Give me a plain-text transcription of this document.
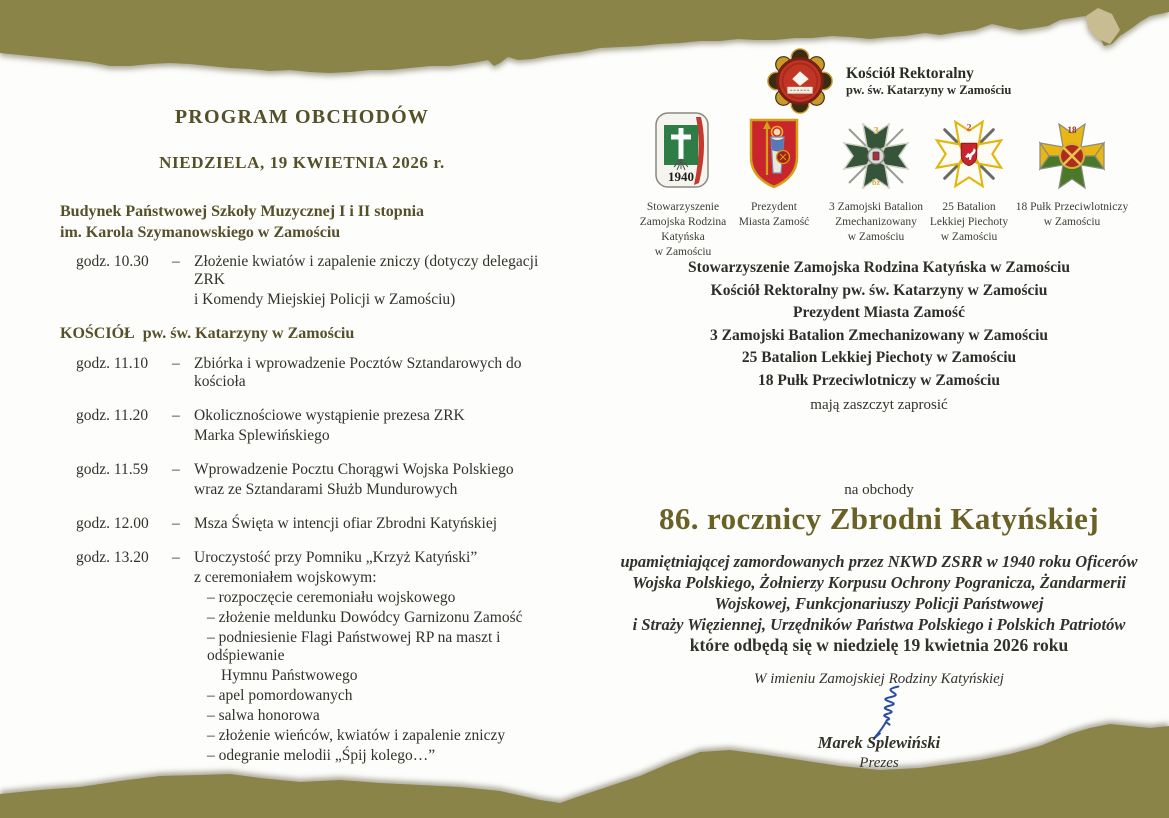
PROGRAM OBCHODÓW
NIEDZIELA, 19 KWIETNIA 2026 r.
Budynek Państwowej Szkoły Muzycznej I i II stopnia
im. Karola Szymanowskiego w Zamościu
godz. 10.30	– Złożenie kwiatów i zapalenie zniczy (dotyczy delegacji ZRK
i Komendy Miejskiej Policji w Zamościu)
KOŚCIÓŁ  pw. św. Katarzyny w Zamościu
godz. 11.10	– Zbiórka i wprowadzenie Pocztów Sztandarowych do kościoła
godz. 11.20	– Okolicznościowe wystąpienie prezesa ZRK
Marka Splewińskiego
godz. 11.59	– Wprowadzenie Pocztu Chorągwi Wojska Polskiego
wraz ze Sztandarami Służb Mundurowych
godz. 12.00	– Msza Święta w intencji ofiar Zbrodni Katyńskiej
godz. 13.20	– Uroczystość przy Pomniku „Krzyż Katyński”
z ceremoniałem wojskowym:
– rozpoczęcie ceremoniału wojskowego
– złożenie meldunku Dowódcy Garnizonu Zamość
– podniesienie Flagi Państwowej RP na maszt i odśpiewanie
Hymnu Państwowego
– apel pomordowanych
– salwa honorowa
– złożenie wieńców, kwiatów i zapalenie zniczy
– odegranie melodii „Śpij kolego…”
Kościół Rektoralny
pw. św. Katarzyny w Zamościu
1940
Stowarzyszenie
Zamojska Rodzina Katyńska
w Zamościu
Prezydent
Miasta Zamość
3
bz
3 Zamojski Batalion
Zmechanizowany
w Zamościu
2
25 Batalion
Lekkiej Piechoty
w Zamościu
18
18 Pułk Przeciwlotniczy
w Zamościu
Stowarzyszenie Zamojska Rodzina Katyńska w Zamościu
Kościół Rektoralny pw. św. Katarzyny w Zamościu
Prezydent Miasta Zamość
3 Zamojski Batalion Zmechanizowany w Zamościu
25 Batalion Lekkiej Piechoty w Zamościu
18 Pułk Przeciwlotniczy w Zamościu
mają zaszczyt zaprosić
na obchody
86. rocznicy Zbrodni Katyńskiej
upamiętniającej zamordowanych przez NKWD ZSRR w 1940 roku Oficerów
Wojska Polskiego, Żołnierzy Korpusu Ochrony Pogranicza, Żandarmerii
Wojskowej, Funkcjonariuszy Policji Państwowej
i Straży Więziennej, Urzędników Państwa Polskiego i Polskich Patriotów
które odbędą się w niedzielę 19 kwietnia 2026 roku
W imieniu Zamojskiej Rodziny Katyńskiej
Marek Splewiński
Prezes
